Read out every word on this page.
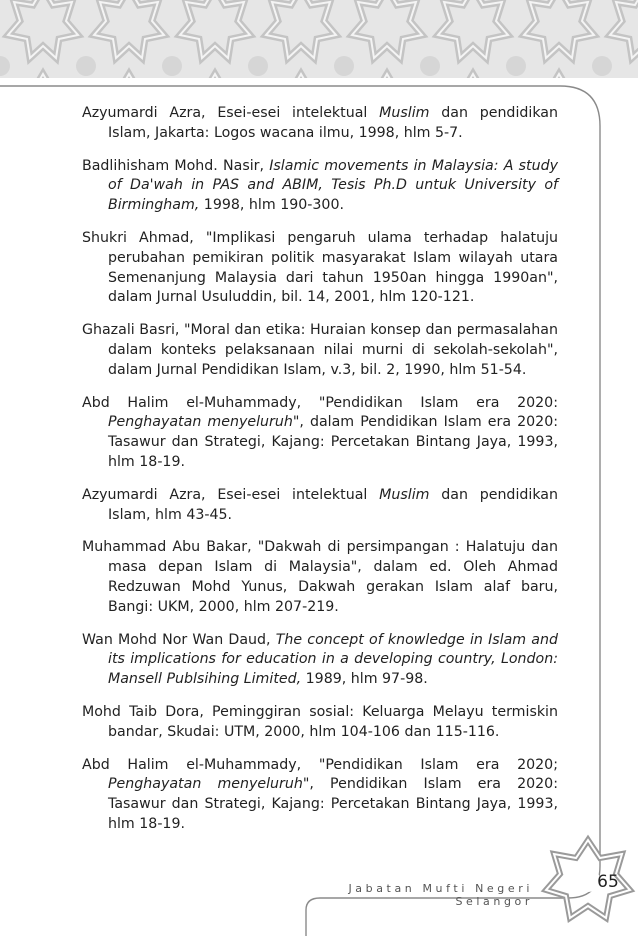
Azyumardi Azra, Esei-esei intelektual Muslim dan pendidikan Islam, Jakarta: Logos wacana ilmu, 1998, hlm 5-7.

Badlihisham Mohd. Nasir, Islamic movements in Malaysia: A study of Da'wah in PAS and ABIM, Tesis Ph.D untuk University of Birmingham, 1998, hlm 190-300.

Shukri Ahmad, "Implikasi pengaruh ulama terhadap halatuju perubahan pemikiran politik masyarakat Islam wilayah utara Semenanjung Malaysia dari tahun 1950an hingga 1990an", dalam Jurnal Usuluddin, bil. 14, 2001, hlm 120-121.

Ghazali Basri, "Moral dan etika: Huraian konsep dan permasalahan dalam konteks pelaksanaan nilai murni di sekolah-sekolah", dalam Jurnal Pendidikan Islam, v.3, bil. 2, 1990, hlm 51-54.

Abd Halim el-Muhammady, "Pendidikan Islam era 2020: Penghayatan menyeluruh", dalam Pendidikan Islam era 2020: Tasawur dan Strategi, Kajang: Percetakan Bintang Jaya, 1993, hlm 18-19.

Azyumardi Azra, Esei-esei intelektual Muslim dan pendidikan Islam, hlm 43-45.

Muhammad Abu Bakar, "Dakwah di persimpangan : Halatuju dan masa depan Islam di Malaysia", dalam ed. Oleh Ahmad Redzuwan Mohd Yunus, Dakwah gerakan Islam alaf baru, Bangi: UKM, 2000, hlm 207-219.

Wan Mohd Nor Wan Daud, The concept of knowledge in Islam and its implications for education in a developing country, London: Mansell Publsihing Limited, 1989, hlm 97-98.

Mohd Taib Dora, Peminggiran sosial: Keluarga Melayu termiskin bandar, Skudai: UTM, 2000, hlm 104-106 dan 115-116.

Abd Halim el-Muhammady, "Pendidikan Islam era 2020; Penghayatan menyeluruh", Pendidikan Islam era 2020: Tasawur dan Strategi, Kajang: Percetakan Bintang Jaya, 1993, hlm 18-19.

Jabatan Mufti Negeri Selangor
65
